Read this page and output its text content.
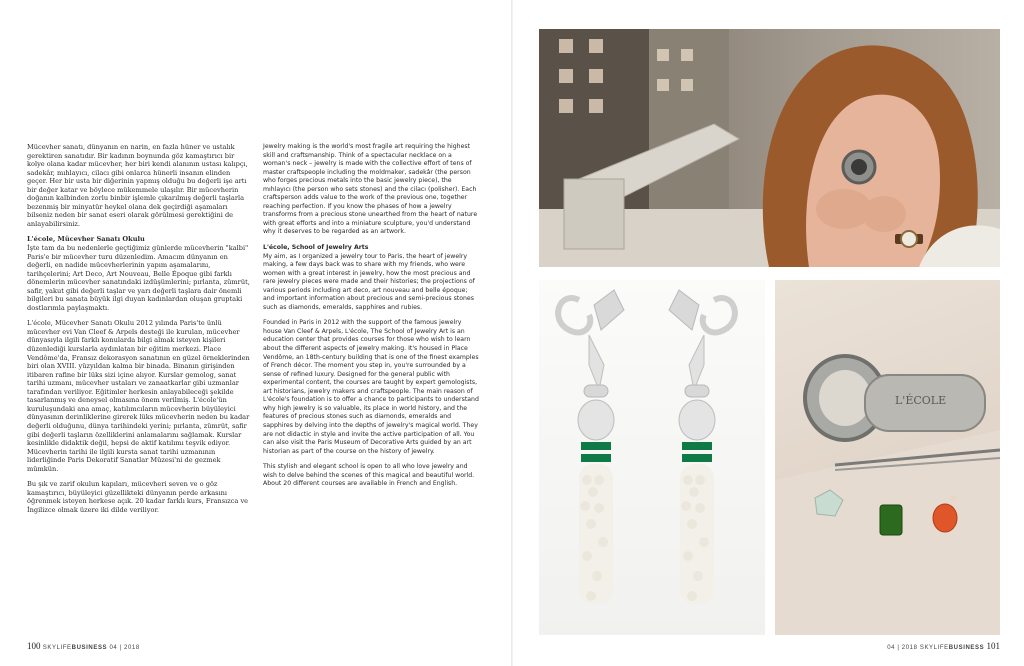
Mücevher sanatı, dünyanın en narin, en fazla hüner ve ustalık gerektiren sanatıdır. Bir kadının boynunda göz kamaştırıcı bir kolye olana kadar mücevher, her biri kendi alanının ustası kalıpçı, sadekâr, mıhlayıcı, cilacı gibi onlarca hünerli insanın elinden geçer. Her bir usta bir diğerinin yapmış olduğu bu değerli işe artı bir değer katar ve böylece mükemmele ulaşılır. Bir mücevherin doğanın kalbinden zorlu binbir işlemle çıkarılmış değerli taşlarla bezenmiş bir minyatür heykel olana dek geçirdiği aşamaları bilseniz neden bir sanat eseri olarak görülmesi gerektiğini de anlayabilirsiniz.

L'école, Mücevher Sanatı Okulu

İşte tam da bu nedenlerle geçtiğimiz günlerde mücevherin "kalbi" Paris'e bir mücevher turu düzenledim. Amacım dünyanın en değerli, en nadide mücevherlerinin yapım aşamalarını, tarihçelerini; Art Deco, Art Nouveau, Belle Époque gibi farklı dönemlerin mücevher sanatındaki izdüşümlerini; pırlanta, zümrüt, safir, yakut gibi değerli taşlar ve yarı değerli taşlara dair önemli bilgileri bu sanata büyük ilgi duyan kadınlardan oluşan gruptaki dostlarımla paylaşmaktı.

L'école, Mücevher Sanatı Okulu 2012 yılında Paris'te ünlü mücevher evi Van Cleef & Arpels desteği ile kurulan, mücevher dünyasıyla ilgili farklı konularda bilgi almak isteyen kişileri düzenlediği kurslarla aydınlatan bir eğitim merkezi. Place Vendôme'da, Fransız dekorasyon sanatının en güzel örneklerinden biri olan XVIII. yüzyıldan kalma bir binada. Binanın girişinden itibaren rafine bir lüks sizi içine alıyor. Kurslar gemolog, sanat tarihi uzmanı, mücevher ustaları ve zanaatkarlar gibi uzmanlar tarafından veriliyor. Eğitimler herkesin anlayabileceği şekilde tasarlanmış ve deneysel olmasına önem verilmiş. L'école'ün kuruluşundaki ana amaç, katılımcıların mücevherin büyüleyici dünyasının derinliklerine girerek lüks mücevherin neden bu kadar değerli olduğunu, dünya tarihindeki yerini; pırlanta, zümrüt, safir gibi değerli taşların özelliklerini anlamalarını sağlamak. Kurslar kesinlikle didaktik değil, hepsi de aktif katılımı teşvik ediyor. Mücevherin tarihi ile ilgili kursta sanat tarihi uzmanının liderliğinde Paris Dekoratif Sanatlar Müzesi'ni de gezmek mümkün.

Bu şık ve zarif okulun kapıları, mücevheri seven ve o göz kamaştırıcı, büyüleyici güzellikteki dünyanın perde arkasını öğrenmek isteyen herkese açık. 20 kadar farklı kurs, Fransızca ve İngilizce olmak üzere iki dilde veriliyor.

Jewelry making is the world's most fragile art requiring the highest skill and craftsmanship. Think of a spectacular necklace on a woman's neck – jewelry is made with the collective effort of tens of master craftspeople including the moldmaker, sadekâr (the person who forges precious metals into the basic jewelry piece), the mıhlayıcı (the person who sets stones) and the cilacı (polisher). Each craftsperson adds value to the work of the previous one, together reaching perfection. If you know the phases of how a jewelry transforms from a precious stone unearthed from the heart of nature with great efforts and into a miniature sculpture, you'd understand why it deserves to be regarded as an artwork.

L'école, School of Jewelry Arts

My aim, as I organized a jewelry tour to Paris, the heart of jewelry making, a few days back was to share with my friends, who were women with a great interest in jewelry, how the most precious and rare jewelry pieces were made and their histories; the projections of various periods including art deco, art nouveau and belle époque; and important information about precious and semi-precious stones such as diamonds, emeralds, sapphires and rubies.

Founded in Paris in 2012 with the support of the famous jewelry house Van Cleef & Arpels, L'école, The School of Jewelry Art is an education center that provides courses for those who wish to learn about the different aspects of jewelry making. It's housed in Place Vendôme, an 18th-century building that is one of the finest examples of French décor. The moment you step in, you're surrounded by a sense of refined luxury. Designed for the general public with experimental content, the courses are taught by expert gemologists, art historians, jewelry makers and craftspeople. The main reason of L'école's foundation is to offer a chance to participants to understand why high jewelry is so valuable, its place in world history, and the features of precious stones such as diamonds, emeralds and sapphires by delving into the depths of jewelry's magical world. They are not didactic in style and invite the active participation of all. You can also visit the Paris Museum of Decorative Arts guided by an art historian as part of the course on the history of jewelry.

This stylish and elegant school is open to all who love jewelry and wish to delve behind the scenes of this magical and beautiful world. About 20 different courses are available in French and English.

L'ÉCOLE
100 SKYLIFEBUSINESS 04 | 2018	04 | 2018 SKYLIFEBUSINESS 101
